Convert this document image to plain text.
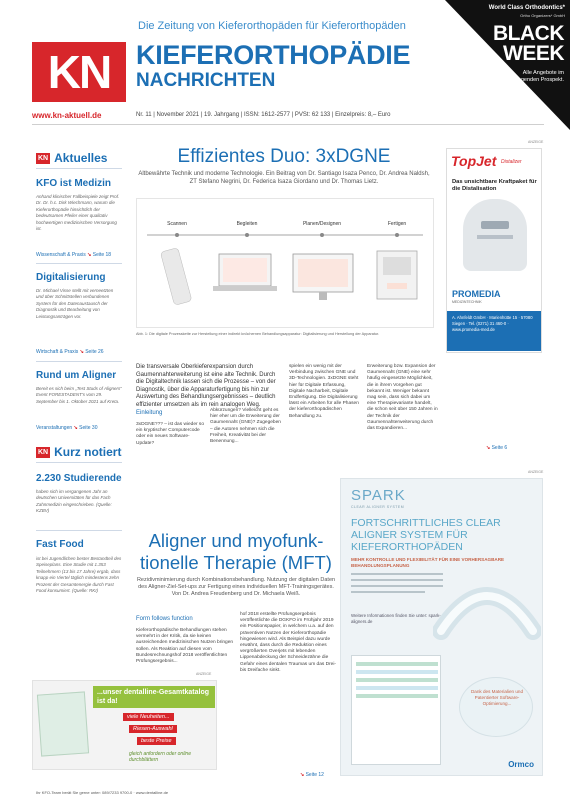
KN
Die Zeitung von Kieferorthopäden für Kieferorthopäden
KIEFERORTHOPÄDIE
NACHRICHTEN
www.kn-aktuell.de	Nr. 11 | November 2021 | 19. Jahrgang | ISSN: 1612-2577 | PVSt: 62 133 | Einzelpreis: 8,– Euro
World Class Orthodontics*
Ortho Organizers* GmbH
BLACK
WEEK
Alle Angebote im beiliegenden Prospekt.
KN Aktuelles
KFO ist Medizin
Anhand klinischer Fallbeispiele zeigt Prof. Dr. Dr. h.c. Dirk Wiechmann, warum die Kieferorthopädie hinsichtlich der bedeutsamen Pfeiler einer qualitativ hochwertigen medizinischen Versorgung ist.
Wissenschaft & Praxis ↘ Seite 18
Digitalisierung
Dr. Michael Visse stellt mit verneetzten und über Schnittstellen verbundenen System für den Datenaustausch der Diagnostik und Bearbeitung von Leistungsanträgen vor.
Wirtschaft & Praxis ↘ Seite 26
Rund um Aligner
Bereit es sich beim „Test Studs of Aligners“ Event FORESTADENT's vom 29. September bis 1. Oktober 2021 auf Kreta.
Veranstaltungen ↘ Seite 30
KN Kurz notiert
2.230 Studierende
haben sich im vergangenen Jahr an deutschen Universitäten für das Fach Zahnmedizin eingeschrieben. (Quelle: KZBV)
Fast Food
ist bei Jugendlichen bester Bestandteil des Speiseplans. Eine Studie mit 1.353 Teilnehmern (13 bis 17 Jahre) ergab, dass knapp ein Viertel täglich mindestens zehn Prozent der Gesamtenergie durch Fast Food konsumiert. (Quelle: RKI)
Effizientes Duo: 3xDGNE
Altbewährte Technik und moderne Technologie. Ein Beitrag von Dr. Santiago Isaza Penco, Dr. Andrea Naldsh, ZT Stefano Negrini, Dr. Federica Isaza Giordano und Dr. Thomas Lietz.
Scannen	Begleiten	Planen/Designen	Fertigen
Abb. 1: Die digitale Prozesskette zur Herstellung einer indirekt knöchernen Behandlungsapparatur: Digitalisierung und Herstellung der Apparatur.
Die transversale Oberkieferexpansion durch Gaumennahterweiterung ist eine alte Technik. Durch die Digitaltechnik lassen sich die Prozesse – von der Diagnostik, über die Apparaturfertigung bis hin zur Auswertung des Behandlungsergebnisses – deutlich effizienter umsetzen als im rein analogen Weg.
Einleitung
3xDGNE??? – ist das wieder so ein kryptischer Computercode oder ein neues Software-Update?
Abkürzungen? Vielleicht geht es hier eher um die Erweiterung der Gaumennaht (GNE)? Zugegeben – die Autoren nehmen sich die Freiheit, Kreativität bei der Benennung...
spielen ein wenig mit der Verbindung zwischen GNE und 3D-Technologien. 3xDGNE steht hier für Digitale Erfassung, Digitale Nacharbeit, Digitale Endfertigung. Die Digitalisierung lässt ein Arbeiten für alle Phasen der kieferorthopädischen Behandlung zu.
Erweiterung bzw. Expansion der Gaumennaht (GNE) eine sehr häufig eingesetzte Möglichkeit, die in ihrem Vorgehen gut bekannt ist. Weniger bekannt mag sein, dass sich dabei um eine Therapievariante handelt, die schon seit über 150 Jahren in der Technik der Gaumennahterweiterung durch das Expandieren...
↘ Seite 6
ANZEIGE
TopJet Distalizer
Das unsichtbare Kraftpaket für die Distalisation
PROMEDIA
MEDIZINTECHNIK
A. Ahnfeldt GmbH · Marienhütte 15 · 57080 Siegen · Tel. (0271) 31 460-0 · www.promedia-med.de
Aligner und myofunk-
tionelle Therapie (MFT)
Rezidivminimierung durch Kombinationsbehandlung. Nutzung der digitalen Daten des Aligner-Ziel-Set-ups zur Fertigung eines individuellen MFT-Trainingsgerätes. Von Dr. Andrea Freudenberg und Dr. Michaela Weiß.
Form follows function
Kieferorthopädische Behandlungen stehen vermehrt in der Kritik, da sie keinen ausreichenden medizinischen Nutzen bringen sollen. Als Reaktion auf diesen vom Bundesrechnungshof 2018 veröffentlichten Prüfungsergebnis...
hof 2018 erstellte Prüfungsergebnis veröffentlichte die DGKFO im Frühjahr 2019 ein Positionspapier, in welchem u.a. auf den präventiven Nutzen der Kieferorthopädie hingewiesen wird. Als Beispiel dazu wurde erwähnt, dass durch die Reduktion eines vergrößerten Overjets mit lebenden Lippenabdeckung der Schneidezähne die Gefahr eines dentalen Traumas um das Drei- bis Dreifache sinkt.
↘ Seite 12
ANZEIGE
SPARK
CLEAR ALIGNER SYSTEM
FORTSCHRITTLICHES CLEAR ALIGNER SYSTEM FÜR KIEFERORTHOPÄDEN
MEHR KONTROLLE UND FLEXIBILITÄT FÜR EINE VORHERSAGBARE BEHANDLUNGSPLANUNG
Weitere Informationen finden Sie unter: spark-aligners.de
Dank des Materialien und Patentierter Software-Optimierung...
Ormco
ANZEIGE
...unser dentalline-Gesamtkatalog ist da!
viele Neuheiten...
Riesen-Auswahl
beste Preise
gleich anfordern oder online durchblättern
Ihr KFO-Team berät Sie gerne unter: 089/7233 9700-0 · www.dentalline.de
